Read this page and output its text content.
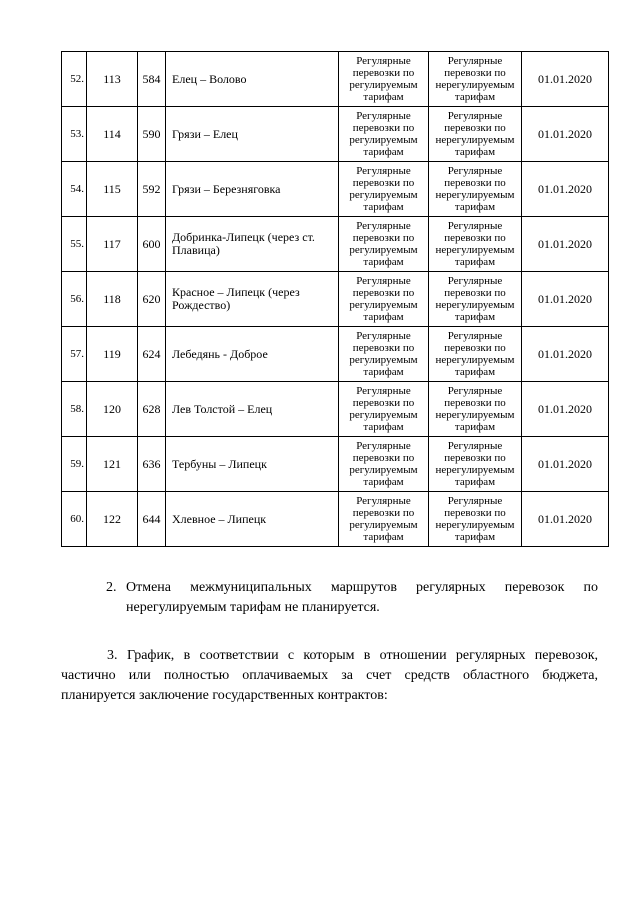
52.	113	584	Елец – Волово	Регулярные перевозки по регулируемым тарифам	Регулярные перевозки по нерегулируемым тарифам	01.01.2020
53.	114	590	Грязи – Елец	Регулярные перевозки по регулируемым тарифам	Регулярные перевозки по нерегулируемым тарифам	01.01.2020
54.	115	592	Грязи – Березняговка	Регулярные перевозки по регулируемым тарифам	Регулярные перевозки по нерегулируемым тарифам	01.01.2020
55.	117	600	Добринка-Липецк (через ст. Плавица)	Регулярные перевозки по регулируемым тарифам	Регулярные перевозки по нерегулируемым тарифам	01.01.2020
56.	118	620	Красное – Липецк (через Рождество)	Регулярные перевозки по регулируемым тарифам	Регулярные перевозки по нерегулируемым тарифам	01.01.2020
57.	119	624	Лебедянь - Доброе	Регулярные перевозки по регулируемым тарифам	Регулярные перевозки по нерегулируемым тарифам	01.01.2020
58.	120	628	Лев Толстой – Елец	Регулярные перевозки по регулируемым тарифам	Регулярные перевозки по нерегулируемым тарифам	01.01.2020
59.	121	636	Тербуны – Липецк	Регулярные перевозки по регулируемым тарифам	Регулярные перевозки по нерегулируемым тарифам	01.01.2020
60.	122	644	Хлевное – Липецк	Регулярные перевозки по регулируемым тарифам	Регулярные перевозки по нерегулируемым тарифам	01.01.2020
2. Отмена межмуниципальных маршрутов регулярных перевозок по нерегулируемым тарифам не планируется.

3. График, в соответствии с которым в отношении регулярных перевозок, частично или полностью оплачиваемых за счет средств областного бюджета, планируется заключение государственных контрактов:
